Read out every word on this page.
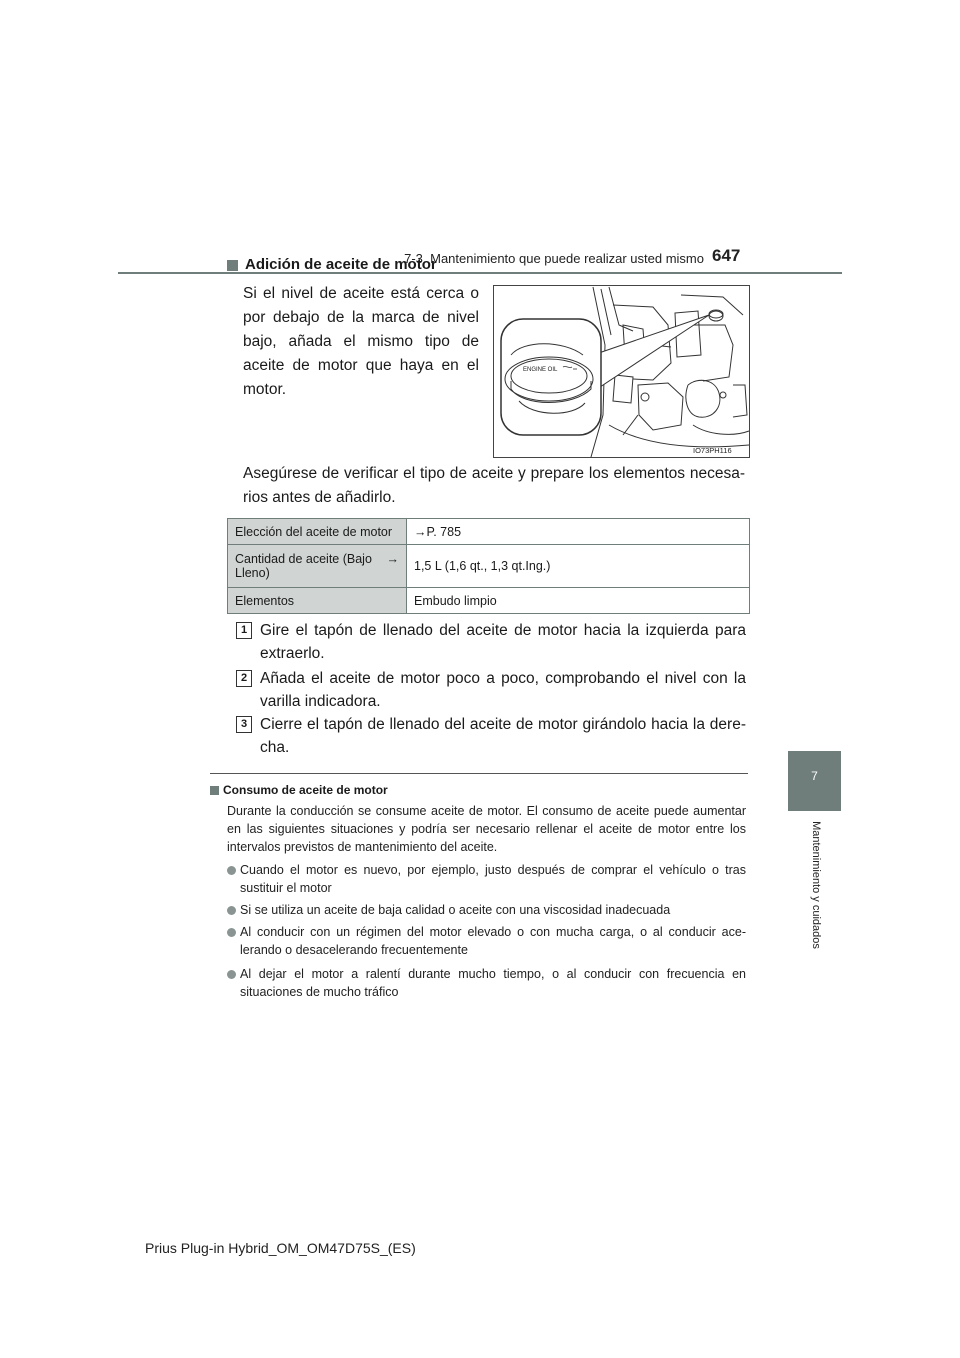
7-3. Mantenimiento que puede realizar usted mismo 647
7
Mantenimiento y cuidados
Adición de aceite de motor
Si el nivel de aceite está cerca o por debajo de la marca de nivel bajo, añada el mismo tipo de aceite de motor que haya en el motor.
ENGINE OIL
IO73PH116
Asegúrese de verificar el tipo de aceite y prepare los elementos necesa- rios antes de añadirlo.
Elección del aceite de motor	→P. 785

Cantidad de aceite (Bajo →
Lleno)	1,5 L (1,6 qt., 1,3 qt.Ing.)
Elementos	Embudo limpio
1 Gire el tapón de llenado del aceite de motor hacia la izquierda para extraerlo.
2 Añada el aceite de motor poco a poco, comprobando el nivel con la varilla indicadora.
3 Cierre el tapón de llenado del aceite de motor girándolo hacia la dere- cha.
Consumo de aceite de motor
Durante la conducción se consume aceite de motor. El consumo de aceite puede aumentar en las siguientes situaciones y podría ser necesario rellenar el aceite de motor entre los intervalos previstos de mantenimiento del aceite.
Cuando el motor es nuevo, por ejemplo, justo después de comprar el vehículo o tras sustituir el motor
Si se utiliza un aceite de baja calidad o aceite con una viscosidad inadecuada
Al conducir con un régimen del motor elevado o con mucha carga, o al conducir ace- lerando o desacelerando frecuentemente
Al dejar el motor a ralentí durante mucho tiempo, o al conducir con frecuencia en situaciones de mucho tráfico
Prius Plug-in Hybrid_OM_OM47D75S_(ES)
